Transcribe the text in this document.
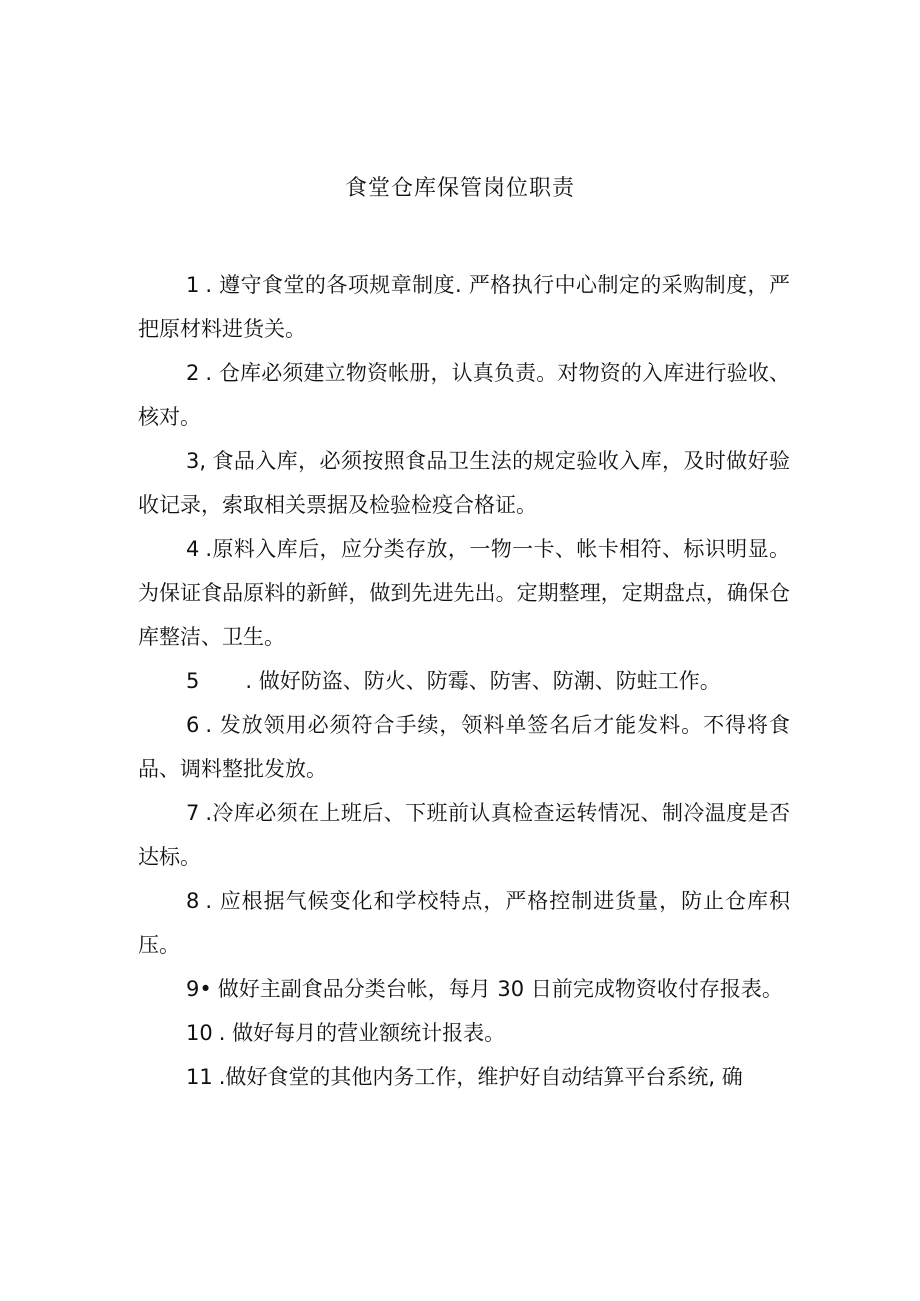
食堂仓库保管岗位职责

1 . 遵守食堂的各项规章制度. 严格执行中心制定的采购制度，严把原材料进货关。

2 . 仓库必须建立物资帐册，认真负责。对物资的入库进行验收、核对。

3, 食品入库，必须按照食品卫生法的规定验收入库，及时做好验收记录，索取相关票据及检验检疫合格证。

4 .原料入库后，应分类存放，一物一卡、帐卡相符、标识明显。为保证食品原料的新鲜，做到先进先出。定期整理，定期盘点，确保仓库整洁、卫生。

5 . 做好防盗、防火、防霉、防害、防潮、防蛀工作。

6 . 发放领用必须符合手续，领料单签名后才能发料。不得将食品、调料整批发放。

7 .冷库必须在上班后、下班前认真检查运转情况、制冷温度是否达标。

8 . 应根据气候变化和学校特点，严格控制进货量，防止仓库积压。

9• 做好主副食品分类台帐，每月 30 日前完成物资收付存报表。

10 . 做好每月的营业额统计报表。

11 .做好食堂的其他内务工作，维护好自动结算平台系统, 确
